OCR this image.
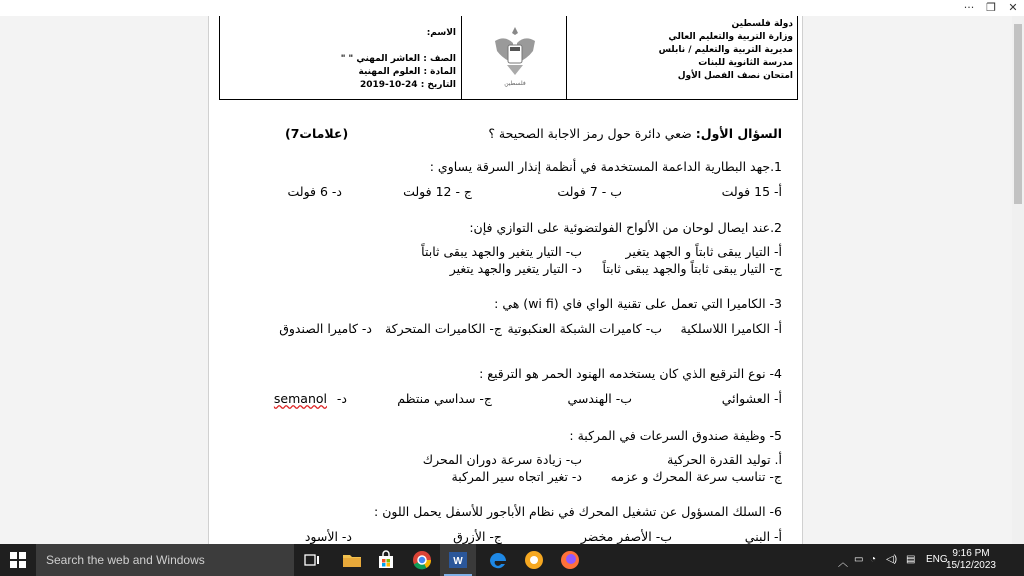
···	❐	✕
دولة فلسطين
وزارة التربية والتعليم العالي
مديرية التربية والتعليم / نابلس
مدرسة الثانوية للبنات
امتحان نصف الفصل الأول
فلسطين
الاسم:
الصف : العاشر المهني " "
المادة : العلوم المهنية
التاريخ : 24-10-2019
السؤال الأول: ضعي دائرة حول رمز الاجابة الصحيحة ؟
(7علامات)
1.جهد البطارية الداعمة المستخدمة في أنظمة إنذار السرقة يساوي :
أ- 15 فولت
ب - 7 فولت
ج - 12 فولت
د- 6 فولت
2.عند ايصال لوحان من الألواح الفولتضوئية على التوازي فإن:
أ- التيار يبقى ثابتاً و الجهد يتغير
ب- التيار يتغير والجهد يبقى ثابتاً
ج- التيار يبقى ثابتاً والجهد يبقى ثابتاً
د- التيار يتغير والجهد يتغير
3- الكاميرا التي تعمل على تقنية الواي فاي (wi fi) هي :
أ- الكاميرا اللاسلكية
ب- كاميرات الشبكة العنكبوتية
ج- الكاميرات المتحركة
د- كاميرا الصندوق
4- نوع الترقيع الذي كان يستخدمه الهنود الحمر هو الترقيع :
أ- العشوائي
ب- الهندسي
ج- سداسي منتظم
د-
semanol
5- وظيفة صندوق السرعات في المركبة :
أ. توليد القدرة الحركية
ب- زيادة سرعة دوران المحرك
ج- تناسب سرعة المحرك و عزمه
د- تغير اتجاه سير المركبة
6- السلك المسؤول عن تشغيل المحرك في نظام الأباجور للأسفل يحمل اللون :
أ- البني
ب- الأصفر مخضر
ج- الأزرق
د- الأسود
Search the web and Windows	W	︿ ▭ ◔ ◁) ▤ ENG
9:16 PM
15/12/2023
